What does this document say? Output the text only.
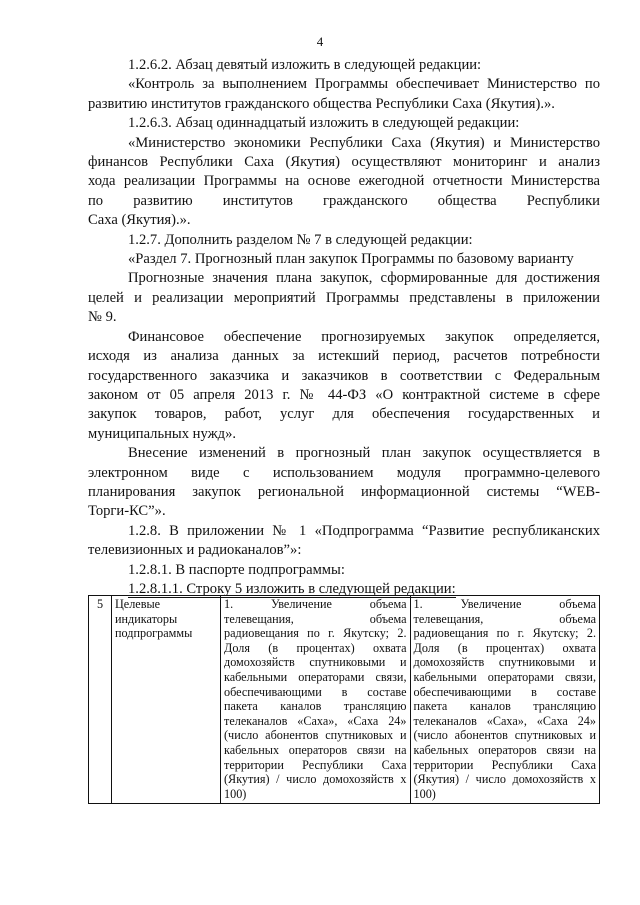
4

1.2.6.2. Абзац девятый изложить в следующей редакции:

«Контроль за выполнением Программы обеспечивает Министерство по

развитию институтов гражданского общества Республики Саха (Якутия).».

1.2.6.3. Абзац одиннадцатый изложить в следующей редакции:

«Министерство экономики Республики Саха (Якутия) и Министерство

финансов Республики Саха (Якутия) осуществляют мониторинг и анализ

хода реализации Программы на основе ежегодной отчетности Министерства

по развитию институтов гражданского общества Республики

Саха (Якутия).».

1.2.7. Дополнить разделом № 7 в следующей редакции:

«Раздел 7. Прогнозный план закупок Программы по базовому варианту

Прогнозные значения плана закупок, сформированные для достижения

целей и реализации мероприятий Программы представлены в приложении

№ 9.

Финансовое обеспечение прогнозируемых закупок определяется,

исходя из анализа данных за истекший период, расчетов потребности

государственного заказчика и заказчиков в соответствии с Федеральным

законом от 05 апреля 2013 г. № 44-ФЗ «О контрактной системе в сфере

закупок товаров, работ, услуг для обеспечения государственных и

муниципальных нужд».

Внесение изменений в прогнозный план закупок осуществляется в

электронном виде с использованием модуля программно-целевого

планирования закупок региональной информационной системы “WEB-

Торги-КС”».

1.2.8. В приложении № 1 «Подпрограмма “Развитие республиканских

телевизионных и радиоканалов”»:

1.2.8.1. В паспорте подпрограммы:

1.2.8.1.1. Строку 5 изложить в следующей редакции:

5	Целевые индикаторы подпрограммы	1. Увеличение объема телевещания, объема радиовещания по г. Якутску; 2. Доля (в процентах) охвата домохозяйств спутниковыми и кабельными операторами связи, обеспечивающими в составе пакета каналов трансляцию телеканалов «Саха», «Саха 24» (число абонентов спутниковых и кабельных операторов связи на территории Республики Саха (Якутия) / число домохозяйств х 100)	1. Увеличение объема телевещания, объема радиовещания по г. Якутску; 2. Доля (в процентах) охвата домохозяйств спутниковыми и кабельными операторами связи, обеспечивающими в составе пакета каналов трансляцию телеканалов «Саха», «Саха 24» (число абонентов спутниковых и кабельных операторов связи на территории Республики Саха (Якутия) / число домохозяйств х 100)
